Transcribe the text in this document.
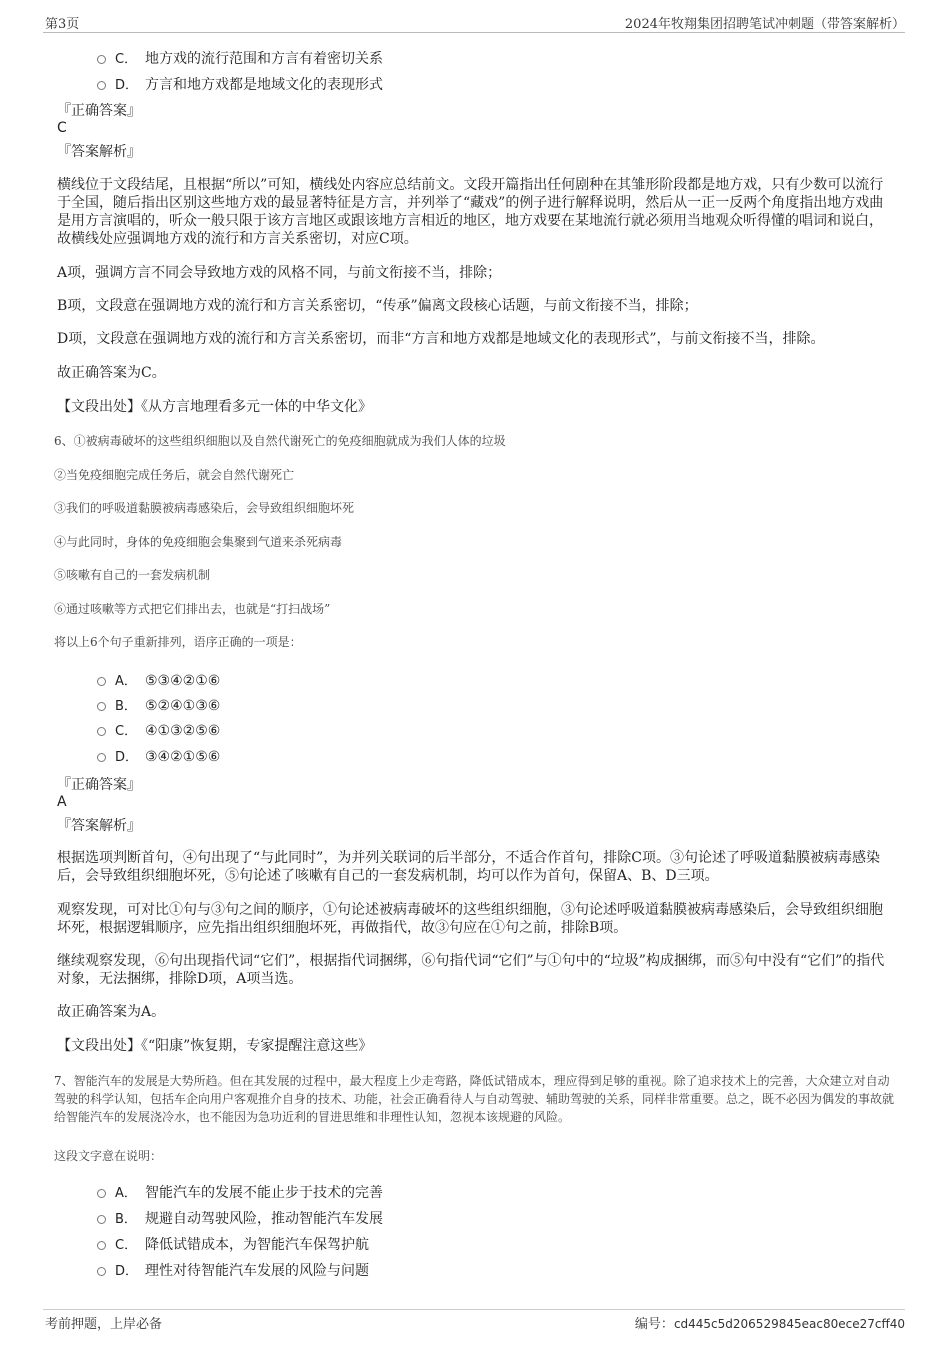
第3页	2024年牧翔集团招聘笔试冲刺题（带答案解析）
C． 地方戏的流行范围和方言有着密切关系
D． 方言和地方戏都是地域文化的表现形式
『正确答案』
C
『答案解析』
横线位于文段结尾，且根据“所以”可知，横线处内容应总结前文。文段开篇指出任何剧种在其雏形阶段都是地方戏，只有少数可以流行于全国，随后指出区别这些地方戏的最显著特征是方言，并列举了“藏戏”的例子进行解释说明，然后从一正一反两个角度指出地方戏曲是用方言演唱的，听众一般只限于该方言地区或跟该地方言相近的地区，地方戏要在某地流行就必须用当地观众听得懂的唱词和说白，故横线处应强调地方戏的流行和方言关系密切，对应C项。
A项，强调方言不同会导致地方戏的风格不同，与前文衔接不当，排除；
B项，文段意在强调地方戏的流行和方言关系密切，“传承”偏离文段核心话题，与前文衔接不当，排除；
D项，文段意在强调地方戏的流行和方言关系密切，而非“方言和地方戏都是地域文化的表现形式”，与前文衔接不当，排除。
故正确答案为C。
【文段出处】《从方言地理看多元一体的中华文化》
6、①被病毒破坏的这些组织细胞以及自然代谢死亡的免疫细胞就成为我们人体的垃圾
②当免疫细胞完成任务后，就会自然代谢死亡
③我们的呼吸道黏膜被病毒感染后，会导致组织细胞坏死
④与此同时，身体的免疫细胞会集聚到气道来杀死病毒
⑤咳嗽有自己的一套发病机制
⑥通过咳嗽等方式把它们排出去，也就是“打扫战场”
将以上6个句子重新排列，语序正确的一项是：
A． ⑤③④②①⑥
B． ⑤②④①③⑥
C． ④①③②⑤⑥
D． ③④②①⑤⑥
『正确答案』
A
『答案解析』
根据选项判断首句，④句出现了“与此同时”，为并列关联词的后半部分，不适合作首句，排除C项。③句论述了呼吸道黏膜被病毒感染后，会导致组织细胞坏死，⑤句论述了咳嗽有自己的一套发病机制，均可以作为首句，保留A、B、D三项。
观察发现，可对比①句与③句之间的顺序，①句论述被病毒破坏的这些组织细胞，③句论述呼吸道黏膜被病毒感染后，会导致组织细胞坏死，根据逻辑顺序，应先指出组织细胞坏死，再做指代，故③句应在①句之前，排除B项。
继续观察发现，⑥句出现指代词“它们”，根据指代词捆绑，⑥句指代词“它们”与①句中的“垃圾”构成捆绑，而⑤句中没有“它们”的指代对象，无法捆绑，排除D项，A项当选。
故正确答案为A。
【文段出处】《“阳康”恢复期，专家提醒注意这些》
7、智能汽车的发展是大势所趋。但在其发展的过程中，最大程度上少走弯路，降低试错成本，理应得到足够的重视。除了追求技术上的完善，大众建立对自动驾驶的科学认知，包括车企向用户客观推介自身的技术、功能，社会正确看待人与自动驾驶、辅助驾驶的关系，同样非常重要。总之，既不必因为偶发的事故就给智能汽车的发展浇冷水，也不能因为急功近利的冒进思维和非理性认知，忽视本该规避的风险。
这段文字意在说明：
A． 智能汽车的发展不能止步于技术的完善
B． 规避自动驾驶风险，推动智能汽车发展
C． 降低试错成本，为智能汽车保驾护航
D． 理性对待智能汽车发展的风险与问题
考前押题，上岸必备	编号：cd445c5d206529845eac80ece27cff40
